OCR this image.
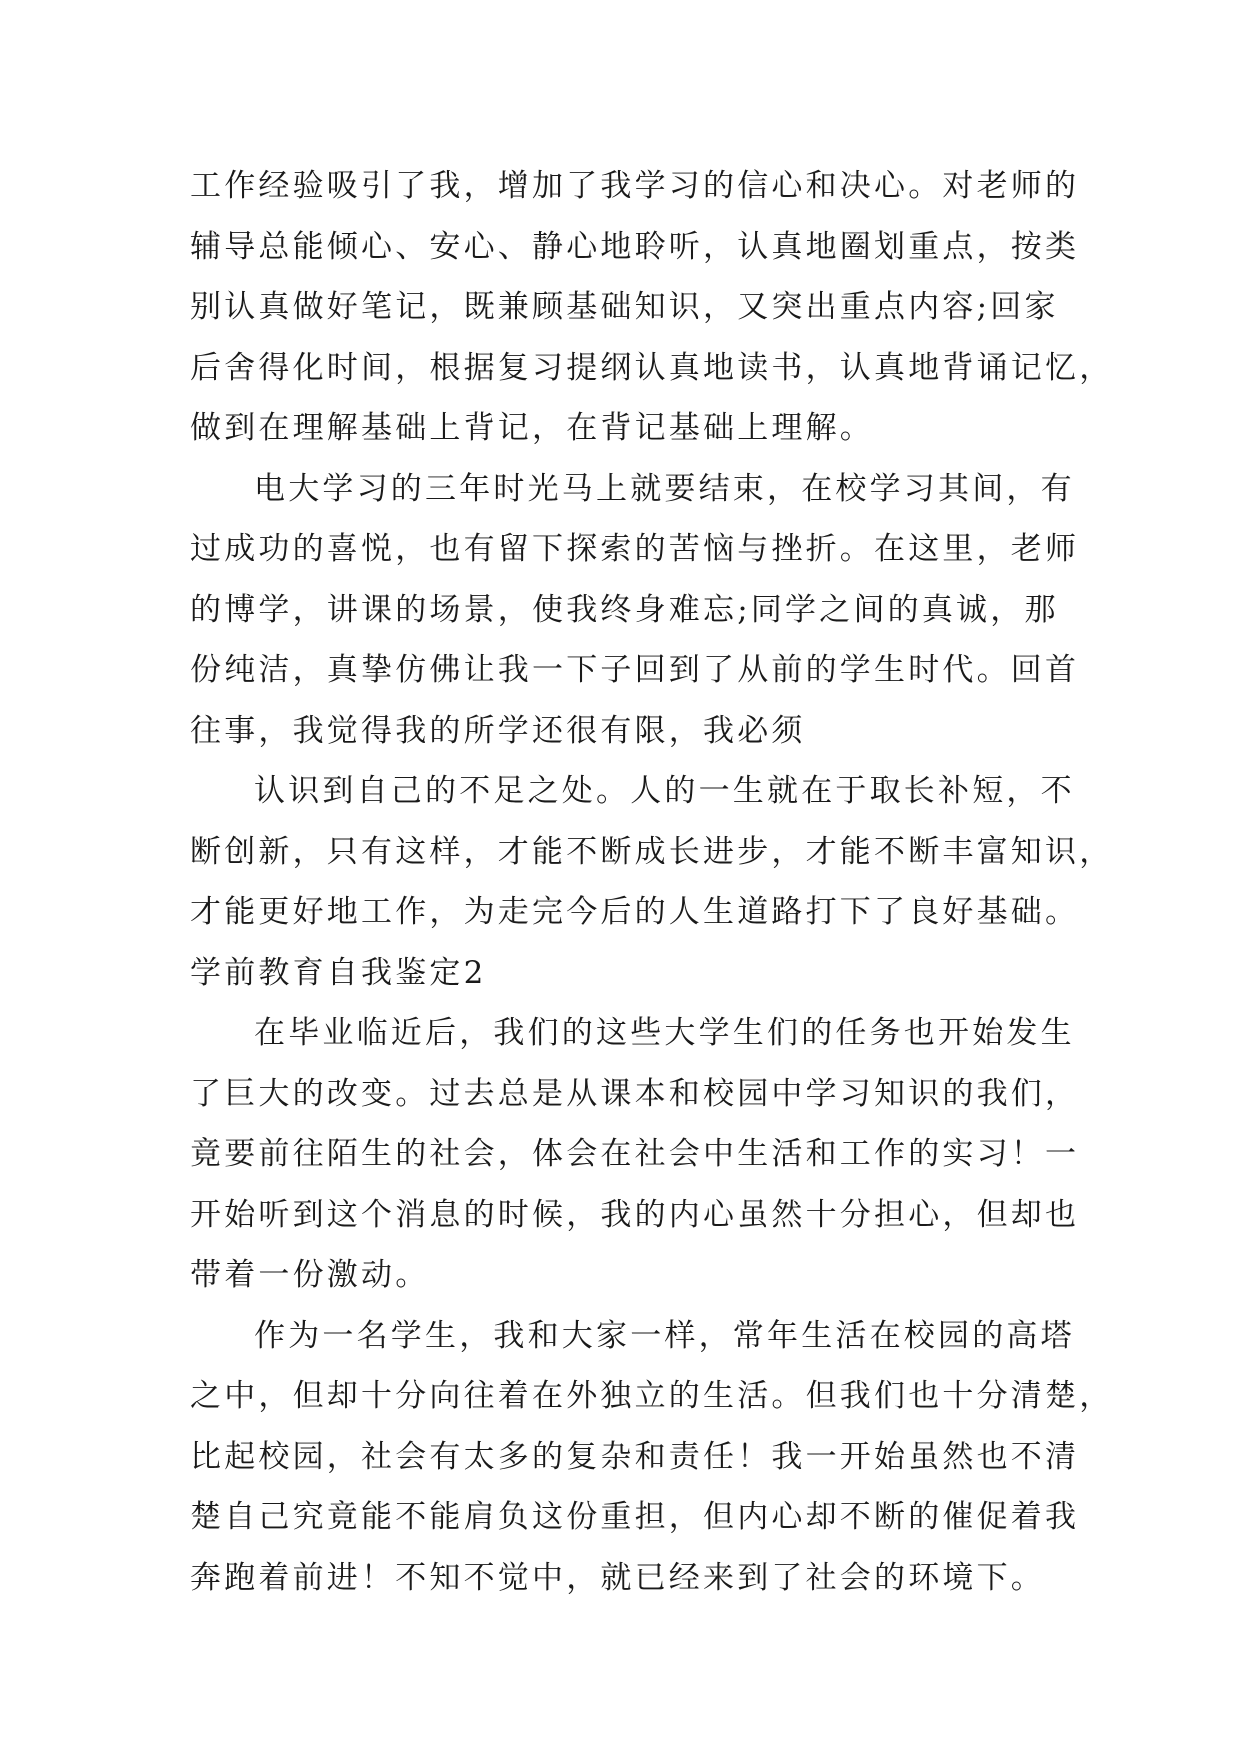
工作经验吸引了我，增加了我学习的信心和决心。对老师的
辅导总能倾心、安心、静心地聆听，认真地圈划重点，按类
别认真做好笔记，既兼顾基础知识，又突出重点内容;回家
后舍得化时间，根据复习提纲认真地读书，认真地背诵记忆，
做到在理解基础上背记，在背记基础上理解。
电大学习的三年时光马上就要结束，在校学习其间，有
过成功的喜悦，也有留下探索的苦恼与挫折。在这里，老师
的博学，讲课的场景，使我终身难忘;同学之间的真诚，那
份纯洁，真挚仿佛让我一下子回到了从前的学生时代。回首
往事，我觉得我的所学还很有限，我必须
认识到自己的不足之处。人的一生就在于取长补短，不
断创新，只有这样，才能不断成长进步，才能不断丰富知识，
才能更好地工作，为走完今后的人生道路打下了良好基础。
学前教育自我鉴定2
在毕业临近后，我们的这些大学生们的任务也开始发生
了巨大的改变。过去总是从课本和校园中学习知识的我们，
竟要前往陌生的社会，体会在社会中生活和工作的实习！一
开始听到这个消息的时候，我的内心虽然十分担心，但却也
带着一份激动。
作为一名学生，我和大家一样，常年生活在校园的高塔
之中，但却十分向往着在外独立的生活。但我们也十分清楚，
比起校园，社会有太多的复杂和责任！我一开始虽然也不清
楚自己究竟能不能肩负这份重担，但内心却不断的催促着我
奔跑着前进！不知不觉中，就已经来到了社会的环境下。
